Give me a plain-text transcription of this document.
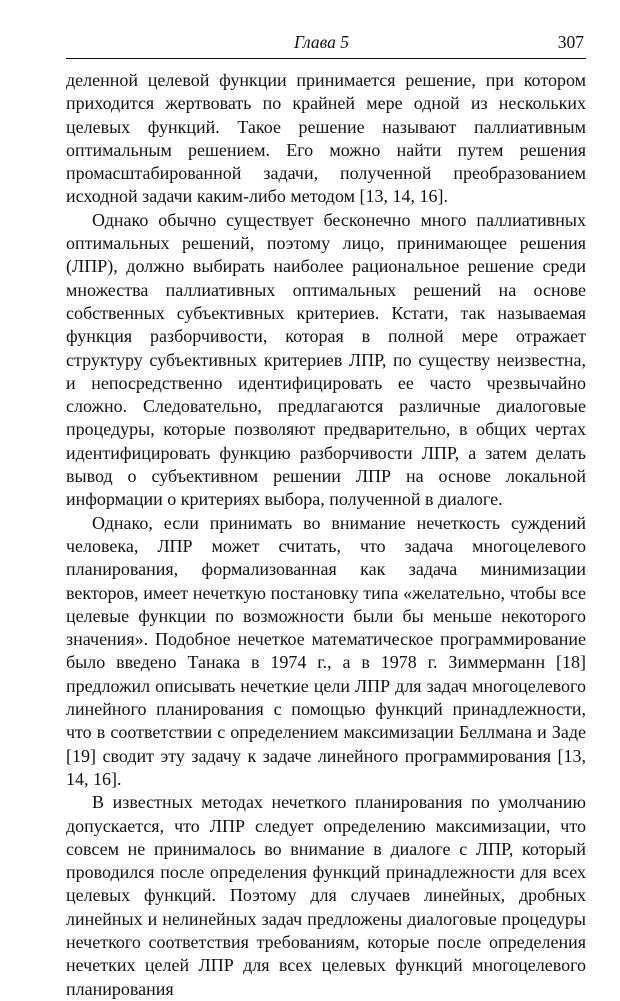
Глава 5	307

деленной целевой функции принимается решение, при котором приходится жертвовать по крайней мере одной из нескольких целевых функций. Такое решение называют паллиативным оптимальным решением. Его можно найти путем решения промасштабированной задачи, полученной преобразованием исходной задачи каким-либо методом [13, 14, 16].

Однако обычно существует бесконечно много паллиативных оптимальных решений, поэтому лицо, принимающее решения (ЛПР), должно выбирать наиболее рациональное решение среди множества паллиативных оптимальных решений на основе собственных субъективных критериев. Кстати, так называемая функция разборчивости, которая в полной мере отражает структуру субъективных критериев ЛПР, по существу неизвестна, и непосредственно идентифицировать ее часто чрезвычайно сложно. Следовательно, предлагаются различные диалоговые процедуры, которые позволяют предварительно, в общих чертах идентифицировать функцию разборчивости ЛПР, а затем делать вывод о субъективном решении ЛПР на основе локальной информации о критериях выбора, полученной в диалоге.

Однако, если принимать во внимание нечеткость суждений человека, ЛПР может считать, что задача многоцелевого планирования, формализованная как задача минимизации векторов, имеет нечеткую постановку типа «желательно, чтобы все целевые функции по возможности были бы меньше некоторого значения». Подобное нечеткое математическое программирование было введено Танака в 1974 г., а в 1978 г. Зиммерманн [18] предложил описывать нечеткие цели ЛПР для задач многоцелевого линейного планирования с помощью функций принадлежности, что в соответствии с определением максимизации Беллмана и Заде [19] сводит эту задачу к задаче линейного программирования [13, 14, 16].

В известных методах нечеткого планирования по умолчанию допускается, что ЛПР следует определению максимизации, что совсем не принималось во внимание в диалоге с ЛПР, который проводился после определения функций принадлежности для всех целевых функций. Поэтому для случаев линейных, дробных линейных и нелинейных задач предложены диалоговые процедуры нечеткого соответствия требованиям, которые после определения нечетких целей ЛПР для всех целевых функций многоцелевого планирования
